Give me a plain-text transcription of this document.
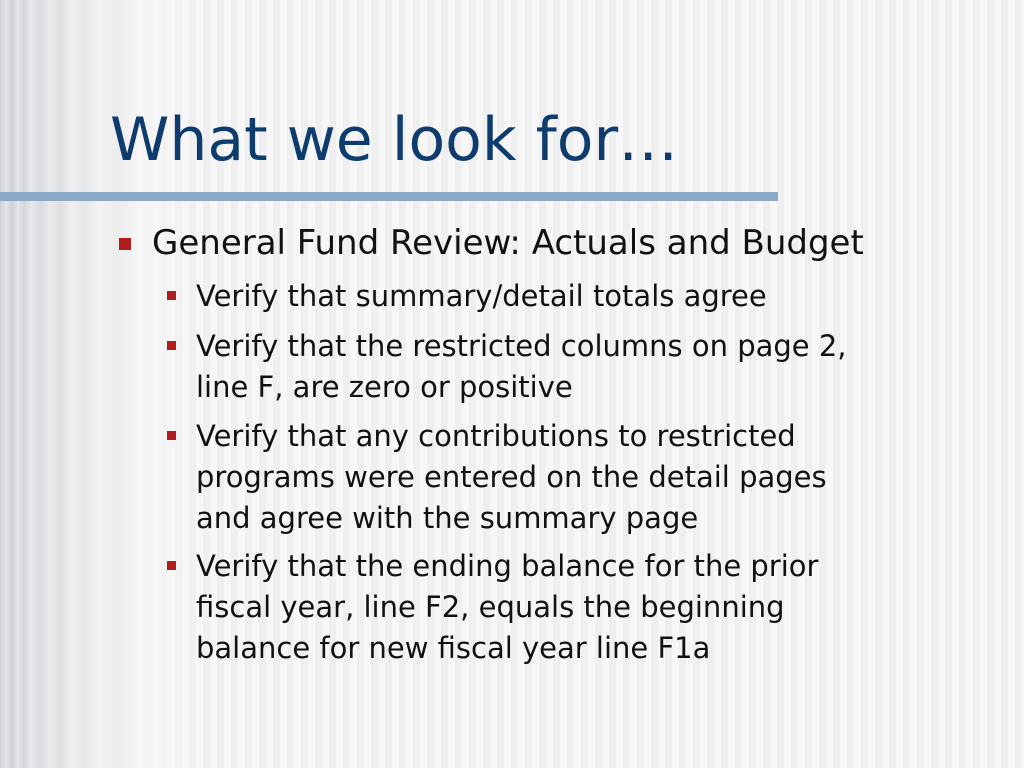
What we look for…
General Fund Review: Actuals and Budget
Verify that summary/detail totals agree
Verify that the restricted columns on page 2,
line F, are zero or positive
Verify that any contributions to restricted
programs were entered on the detail pages
and agree with the summary page
Verify that the ending balance for the prior
fiscal year, line F2, equals the beginning
balance for new fiscal year line F1a
